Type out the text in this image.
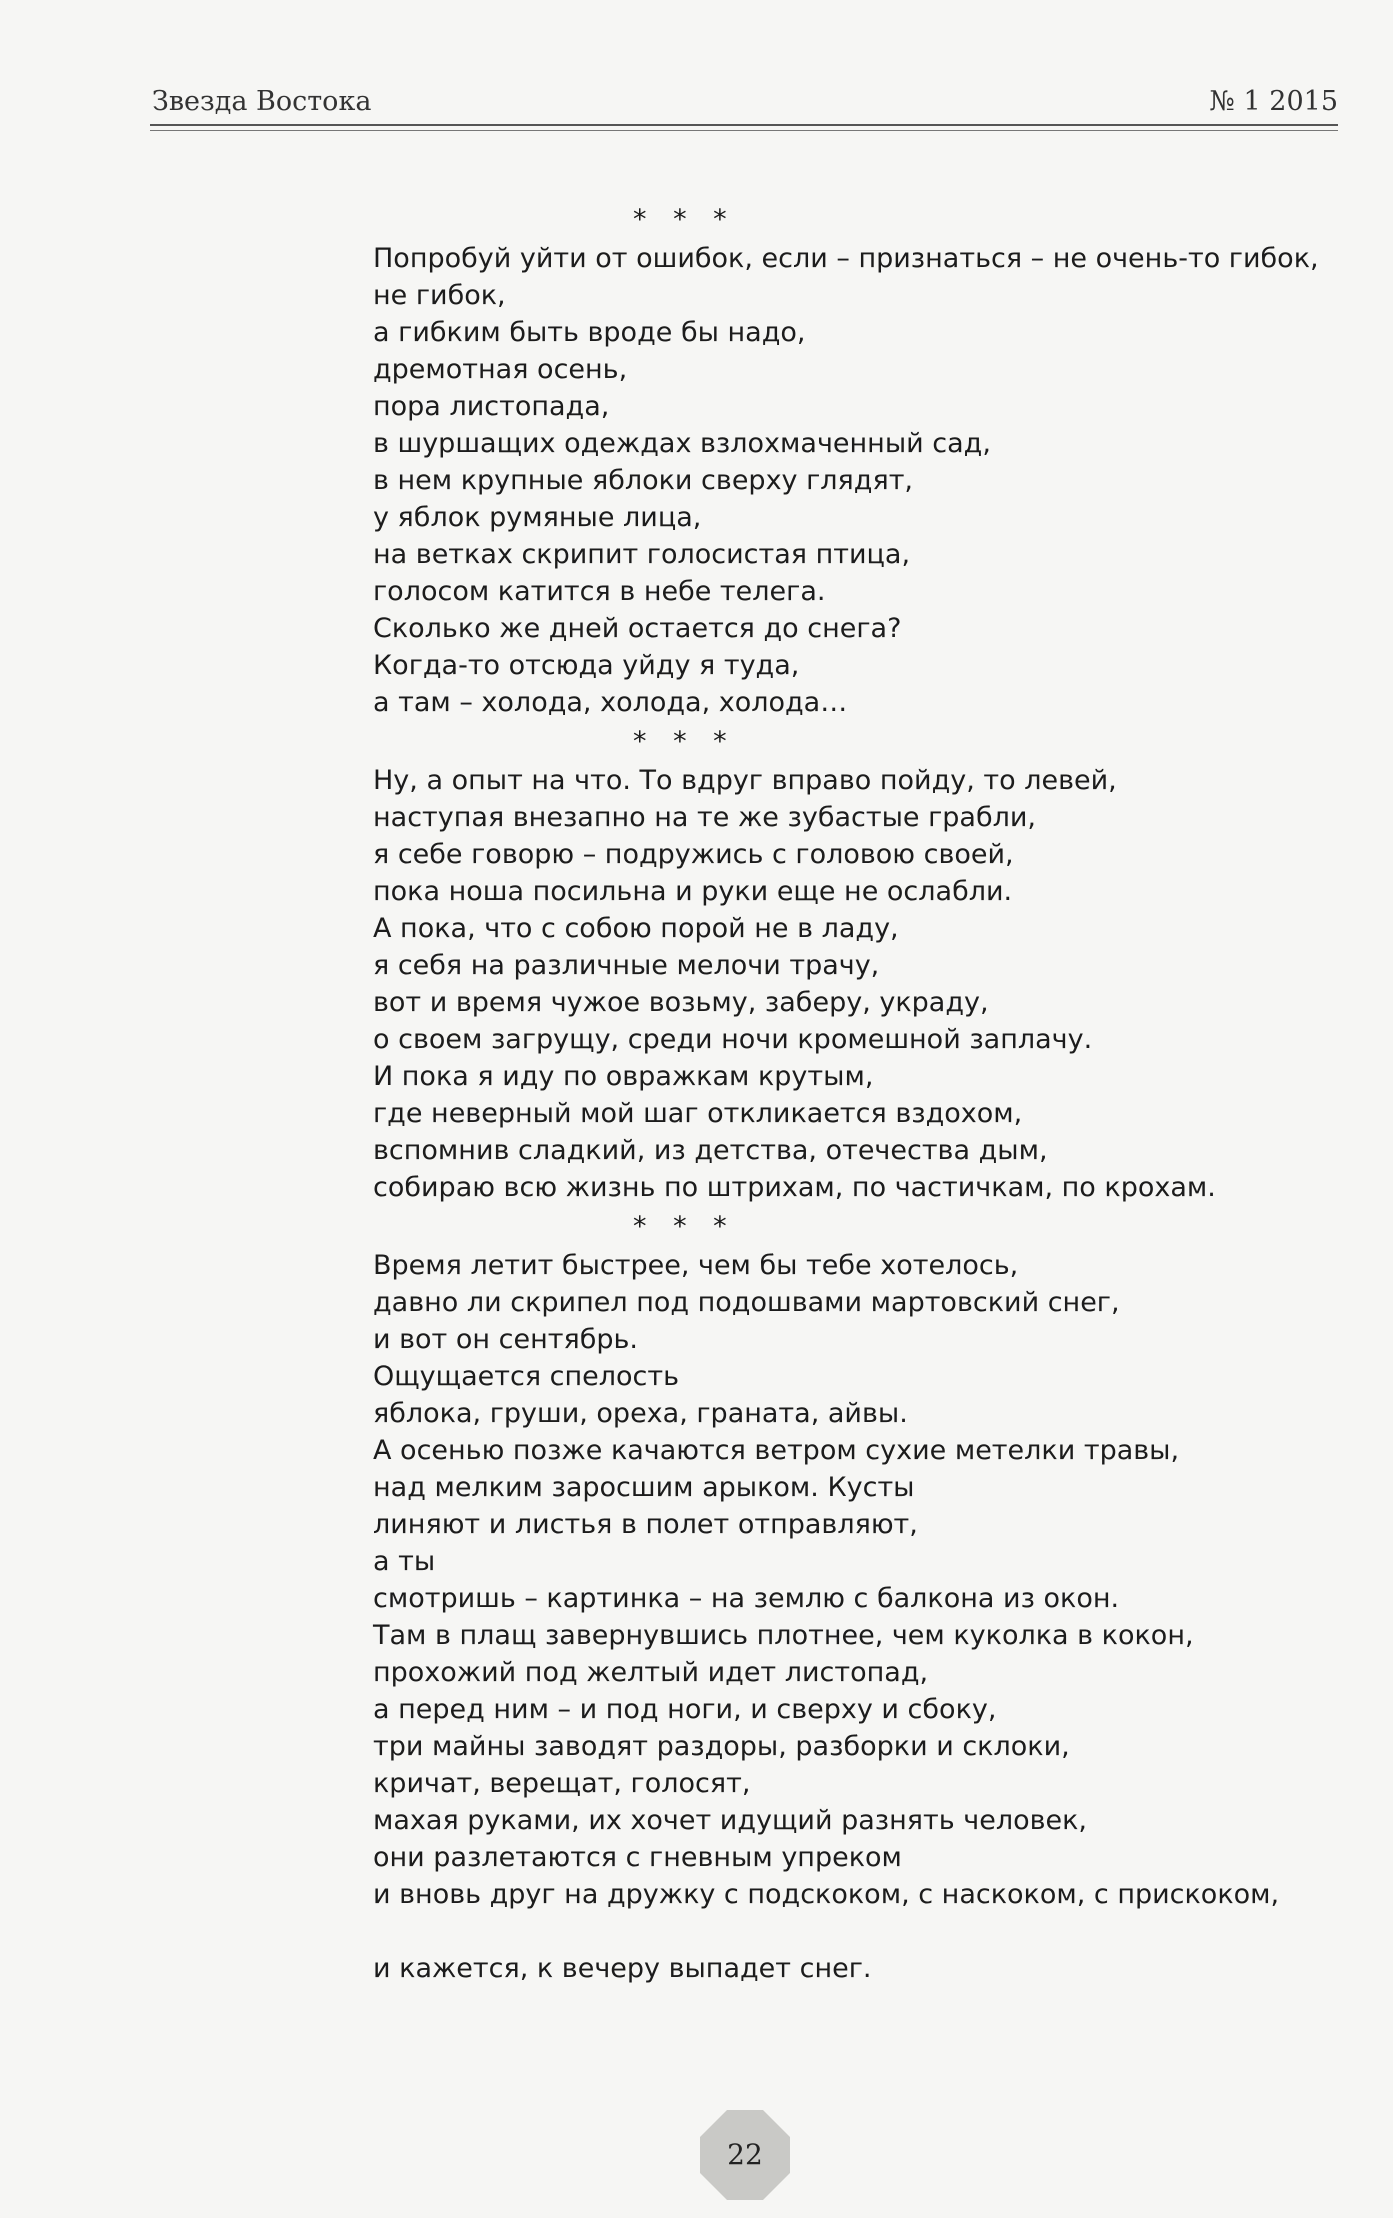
Звезда Востока	№ 1 2015
* * *
Попробуй уйти от ошибок, если – признаться – не очень-то гибок,
не гибок,
а гибким быть вроде бы надо,
дремотная осень,
пора листопада,
в шуршащих одеждах взлохмаченный сад,
в нем крупные яблоки сверху глядят,
у яблок румяные лица,
на ветках скрипит голосистая птица,
голосом катится в небе телега.
Сколько же дней остается до снега?
Когда-то отсюда уйду я туда,
а там – холода, холода, холода…
* * *
Ну, а опыт на что. То вдруг вправо пойду, то левей,
наступая внезапно на те же зубастые грабли,
я себе говорю – подружись с головою своей,
пока ноша посильна и руки еще не ослабли.
А пока, что с собою порой не в ладу,
я себя на различные мелочи трачу,
вот и время чужое возьму, заберу, украду,
о своем загрущу, среди ночи кромешной заплачу.
И пока я иду по овражкам крутым,
где неверный мой шаг откликается вздохом,
вспомнив сладкий, из детства, отечества дым,
собираю всю жизнь по штрихам, по частичкам, по крохам.
* * *
Время летит быстрее, чем бы тебе хотелось,
давно ли скрипел под подошвами мартовский снег,
и вот он сентябрь.
Ощущается спелость
яблока, груши, ореха, граната, айвы.
А осенью позже качаются ветром сухие метелки травы,
над мелким заросшим арыком. Кусты
линяют и листья в полет отправляют,
а ты
смотришь – картинка – на землю с балкона из окон.
Там в плащ завернувшись плотнее, чем куколка в кокон,
прохожий под желтый идет листопад,
а перед ним – и под ноги, и сверху и сбоку,
три майны заводят раздоры, разборки и склоки,
кричат, верещат, голосят,
махая руками, их хочет идущий разнять человек,
они разлетаются с гневным упреком
и вновь друг на дружку с подскоком, с наскоком, с прискоком,
и кажется, к вечеру выпадет снег.
22
